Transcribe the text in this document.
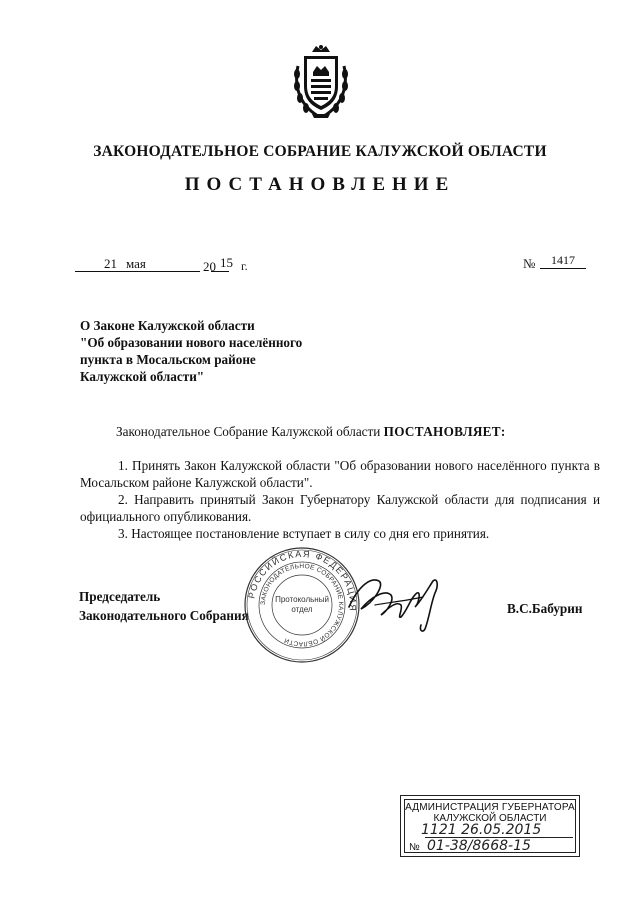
ЗАКОНОДАТЕЛЬНОЕ СОБРАНИЕ КАЛУЖСКОЙ ОБЛАСТИ
ПОСТАНОВЛЕНИЕ
21 мая	20 15 г.	№	1417
О Законе Калужской области
"Об образовании нового населённого
пункта в Мосальском районе
Калужской области"
Законодательное Собрание Калужской области ПОСТАНОВЛЯЕТ:

1. Принять Закон Калужской области "Об образовании нового населённого пункта в Мосальском районе Калужской области".

2. Направить принятый Закон Губернатору Калужской области для подписания и официального опубликования.

3. Настоящее постановление вступает в силу со дня его принятия.

Председатель
Законодательного Собрания	В.С.Бабурин
РОССИЙСКАЯ ФЕДЕРАЦИЯ
ЗАКОНОДАТЕЛЬНОЕ СОБРАНИЕ КАЛУЖСКОЙ ОБЛАСТИ
Протокольный
отдел
АДМИНИСТРАЦИЯ ГУБЕРНАТОРА
КАЛУЖСКОЙ ОБЛАСТИ
1121 26.05.2015
№ 01-38/8668-15
